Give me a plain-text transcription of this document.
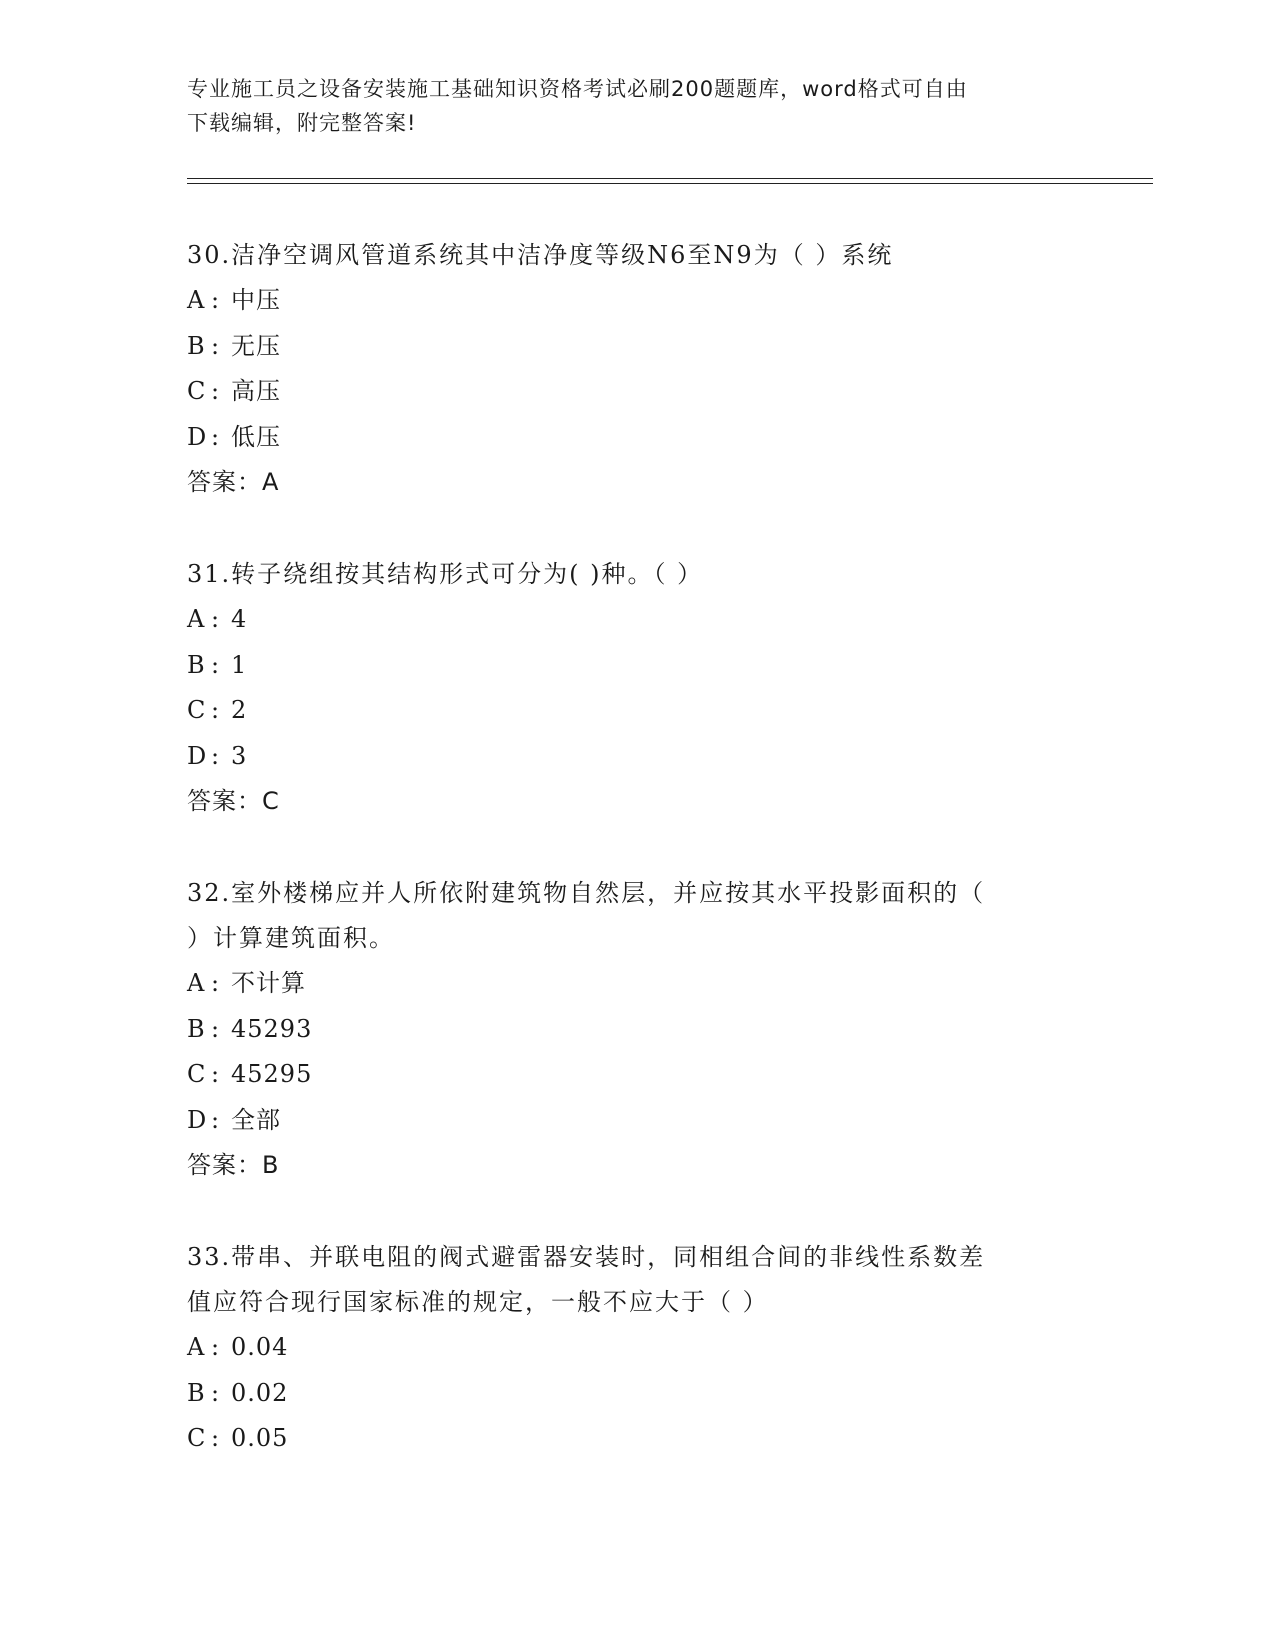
专业施工员之设备安装施工基础知识资格考试必刷200题题库，word格式可自由
下载编辑，附完整答案!
30.洁净空调风管道系统其中洁净度等级N6至N9为（ ）系统
A : 中压
B : 无压
C : 高压
D : 低压
答案：A
31.转子绕组按其结构形式可分为( )种。（ ）
A : 4
B : 1
C : 2
D : 3
答案：C
32.室外楼梯应并人所依附建筑物自然层，并应按其水平投影面积的（
）计算建筑面积。
A : 不计算
B : 45293
C : 45295
D : 全部
答案：B
33.带串、并联电阻的阀式避雷器安装时，同相组合间的非线性系数差
值应符合现行国家标准的规定，一般不应大于（ ）
A : 0.04
B : 0.02
C : 0.05
